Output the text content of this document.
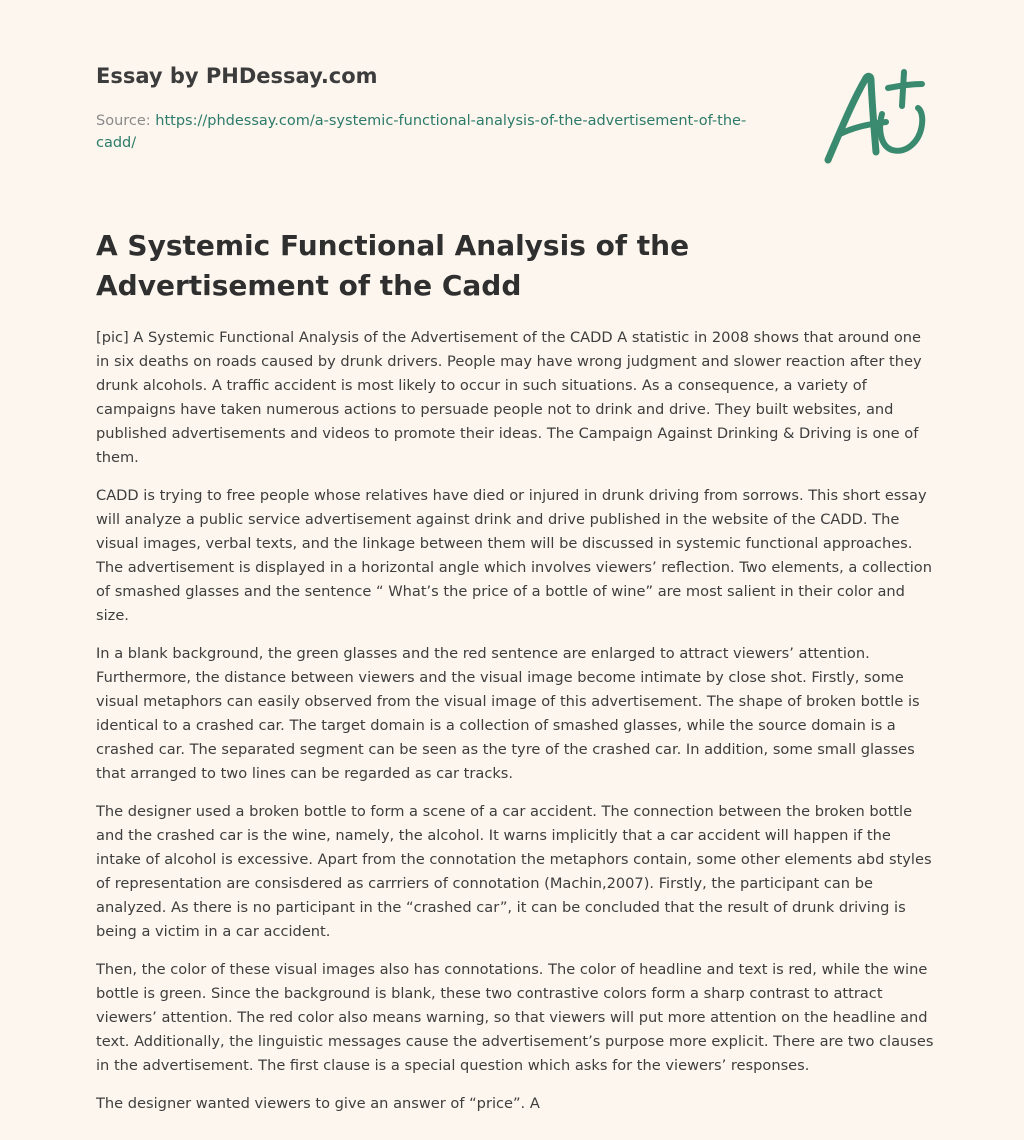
Essay by PHDessay.com
Source: https://phdessay.com/a-systemic-functional-analysis-of-the-advertisement-of-the-cadd/
A Systemic Functional Analysis of the Advertisement of the Cadd

[pic] A Systemic Functional Analysis of the Advertisement of the CADD A statistic in 2008 shows that around one in six deaths on roads caused by drunk drivers. People may have wrong judgment and slower reaction after they drunk alcohols. A traffic accident is most likely to occur in such situations. As a consequence, a variety of campaigns have taken numerous actions to persuade people not to drink and drive. They built websites, and published advertisements and videos to promote their ideas. The Campaign Against Drinking & Driving is one of them.

CADD is trying to free people whose relatives have died or injured in drunk driving from sorrows. This short essay will analyze a public service advertisement against drink and drive published in the website of the CADD. The visual images, verbal texts, and the linkage between them will be discussed in systemic functional approaches. The advertisement is displayed in a horizontal angle which involves viewers’ reflection. Two elements, a collection of smashed glasses and the sentence “ What’s the price of a bottle of wine” are most salient in their color and size.

In a blank background, the green glasses and the red sentence are enlarged to attract viewers’ attention. Furthermore, the distance between viewers and the visual image become intimate by close shot. Firstly, some visual metaphors can easily observed from the visual image of this advertisement. The shape of broken bottle is identical to a crashed car. The target domain is a collection of smashed glasses, while the source domain is a crashed car. The separated segment can be seen as the tyre of the crashed car. In addition, some small glasses that arranged to two lines can be regarded as car tracks.

The designer used a broken bottle to form a scene of a car accident. The connection between the broken bottle and the crashed car is the wine, namely, the alcohol. It warns implicitly that a car accident will happen if the intake of alcohol is excessive. Apart from the connotation the metaphors contain, some other elements abd styles of representation are consisdered as carrriers of connotation (Machin,2007). Firstly, the participant can be analyzed. As there is no participant in the “crashed car”, it can be concluded that the result of drunk driving is being a victim in a car accident.

Then, the color of these visual images also has connotations. The color of headline and text is red, while the wine bottle is green. Since the background is blank, these two contrastive colors form a sharp contrast to attract viewers’ attention. The red color also means warning, so that viewers will put more attention on the headline and text. Additionally, the linguistic messages cause the advertisement’s purpose more explicit. There are two clauses in the advertisement. The first clause is a special question which asks for the viewers’ responses.

The designer wanted viewers to give an answer of “price”. A
